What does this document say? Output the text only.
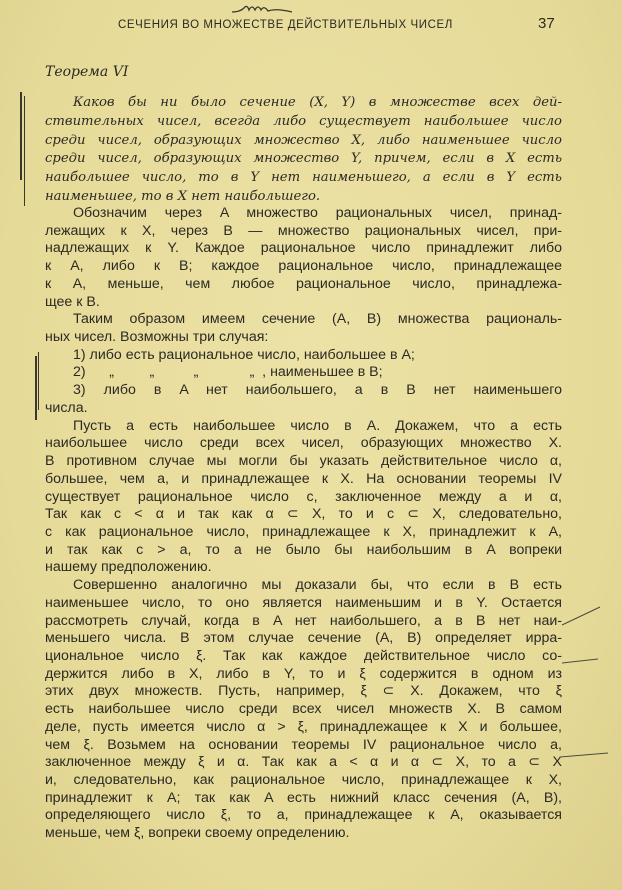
СЕЧЕНИЯ ВО МНОЖЕСТВЕ ДЕЙСТВИТЕЛЬНЫХ ЧИСЕЛ	37
Теорема VI
Каков бы ни было сечение (X, Y) в множестве всех дей-
ствительных чисел, всегда либо существует наибольшее число
среди чисел, образующих множество X, либо наименьшее число
среди чисел, образующих множество Y, причем, если в X есть
наибольшее число, то в Y нет наименьшего, а если в Y есть
наименьшее, то в X нет наибольшего.
Обозначим через A множество рациональных чисел, принад-
лежащих к X, через B — множество рациональных чисел, при-
надлежащих к Y. Каждое рациональное число принадлежит либо
к A, либо к B; каждое рациональное число, принадлежащее
к A, меньше, чем любое рациональное число, принадлежа-
щее к B.
Таким образом имеем сечение (A, B) множества рациональ-
ных чисел. Возможны три случая:
1) либо есть рациональное число, наибольшее в A;
2)      „         „          „             „  , наименьшее в B;
3) либо в A нет наибольшего, а в B нет наименьшего
числа.
Пусть a есть наибольшее число в A. Докажем, что a есть
наибольшее число среди всех чисел, образующих множество X.
В противном случае мы могли бы указать действительное число α,
большее, чем a, и принадлежащее к X. На основании теоремы IV
существует рациональное число c, заключенное между a и α,
Так как c < α и так как α ⊂ X, то и c ⊂ X, следовательно,
c как рациональное число, принадлежащее к X, принадлежит к A,
и так как c > a, то a не было бы наибольшим в A вопреки
нашему предположению.
Совершенно аналогично мы доказали бы, что если в B есть
наименьшее число, то оно является наименьшим и в Y. Остается
рассмотреть случай, когда в A нет наибольшего, а в B нет наи-
меньшего числа. В этом случае сечение (A, B) определяет ирра-
циональное число ξ. Так как каждое действительное число со-
держится либо в X, либо в Y, то и ξ содержится в одном из
этих двух множеств. Пусть, например, ξ ⊂ X. Докажем, что ξ
есть наибольшее число среди всех чисел множеств X. В самом
деле, пусть имеется число α > ξ, принадлежащее к X и большее,
чем ξ. Возьмем на основании теоремы IV рациональное число a,
заключенное между ξ и α. Так как a < α и α ⊂ X, то a ⊂ X
и, следовательно, как рациональное число, принадлежащее к X,
принадлежит к A; так как A есть нижний класс сечения (A, B),
определяющего число ξ, то a, принадлежащее к A, оказывается
меньше, чем ξ, вопреки своему определению.
